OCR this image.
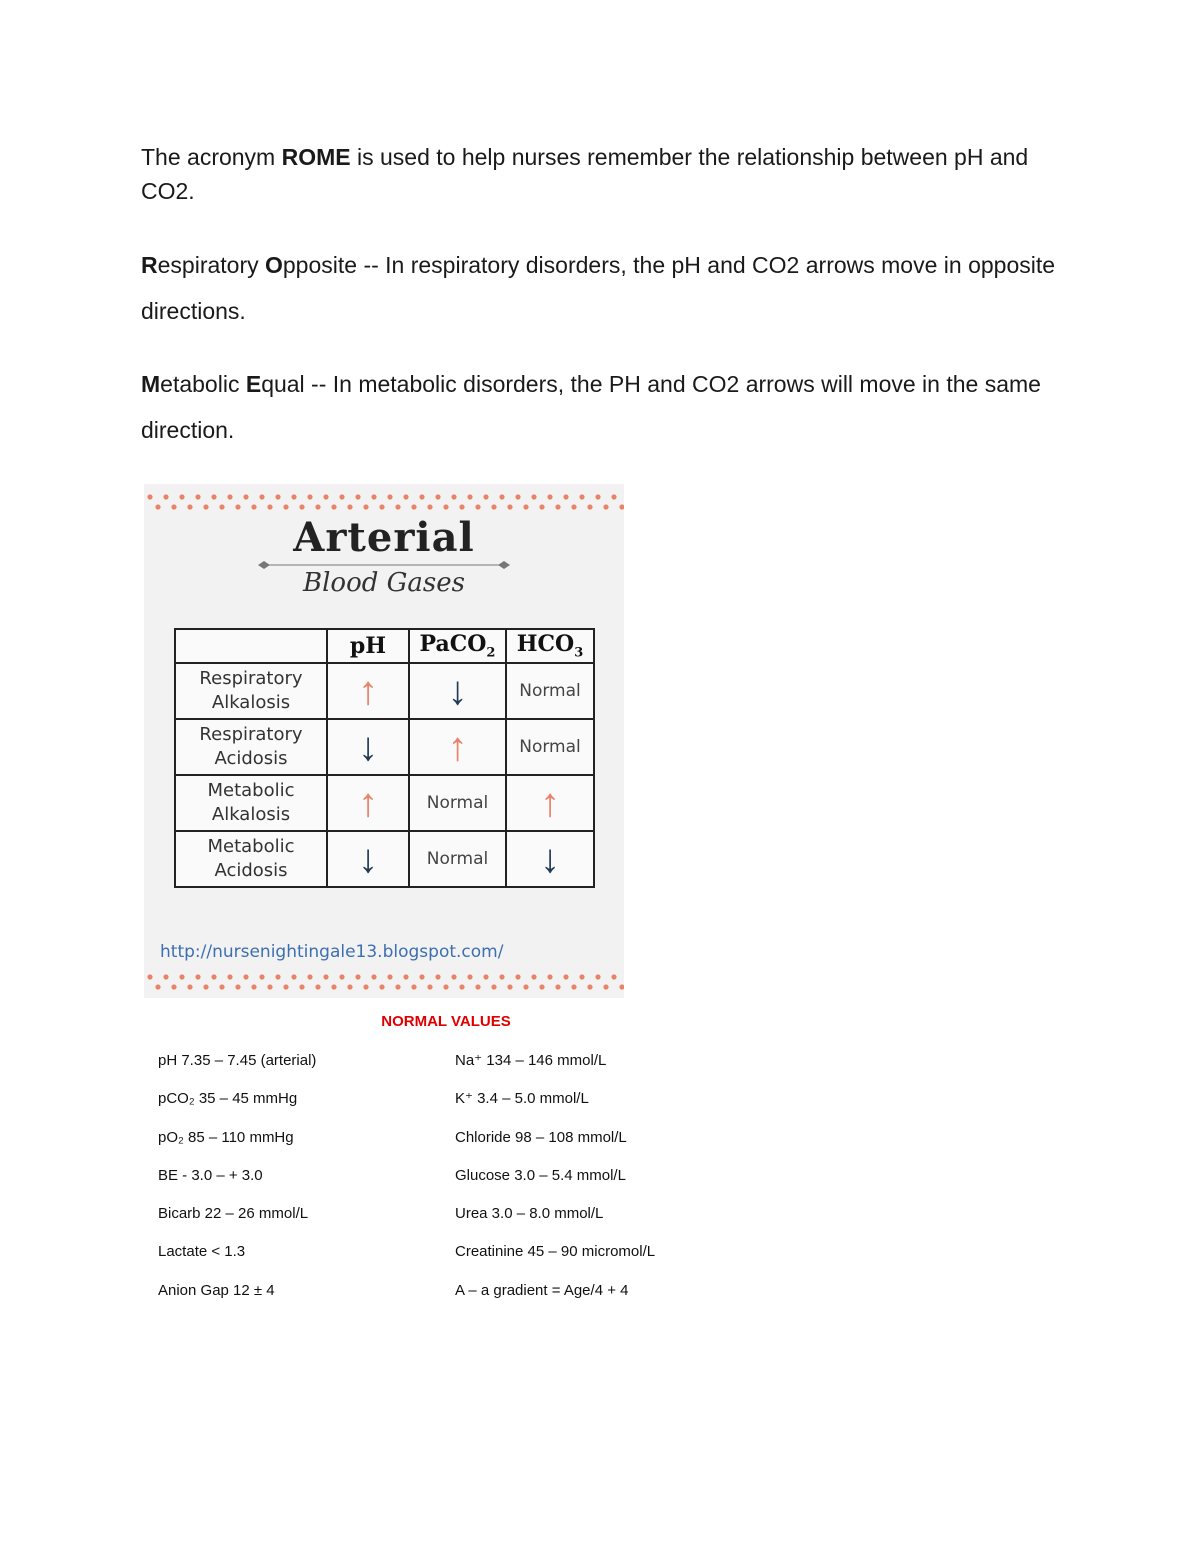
The acronym ROME is used to help nurses remember the relationship between pH and CO2.

Respiratory Opposite -- In respiratory disorders, the pH and CO2 arrows move in opposite directions.

Metabolic Equal -- In metabolic disorders, the PH and CO2 arrows will move in the same direction.

Arterial
Blood Gases
	pH	PaCO$_2$	$HCO_3$

Respiratory
Alkalosis	↑	↓	Normal

Respiratory
Acidosis	↓	↑	Normal

Metabolic
Alkalosis	↑	Normal	↑

Metabolic
Acidosis	↓	Normal	↓
http://nursenightingale13.blogspot.com/
NORMAL VALUES
pH 7.35 – 7.45 (arterial)
pCO₂ 35 – 45 mmHg
pO₂ 85 – 110 mmHg
BE - 3.0 – + 3.0
Bicarb 22 – 26 mmol/L
Lactate < 1.3
Anion Gap 12 ± 4
Na⁺ 134 – 146 mmol/L
K⁺ 3.4 – 5.0 mmol/L
Chloride 98 – 108 mmol/L
Glucose 3.0 – 5.4 mmol/L
Urea 3.0 – 8.0 mmol/L
Creatinine 45 – 90 micromol/L
A – a gradient = Age/4 + 4
